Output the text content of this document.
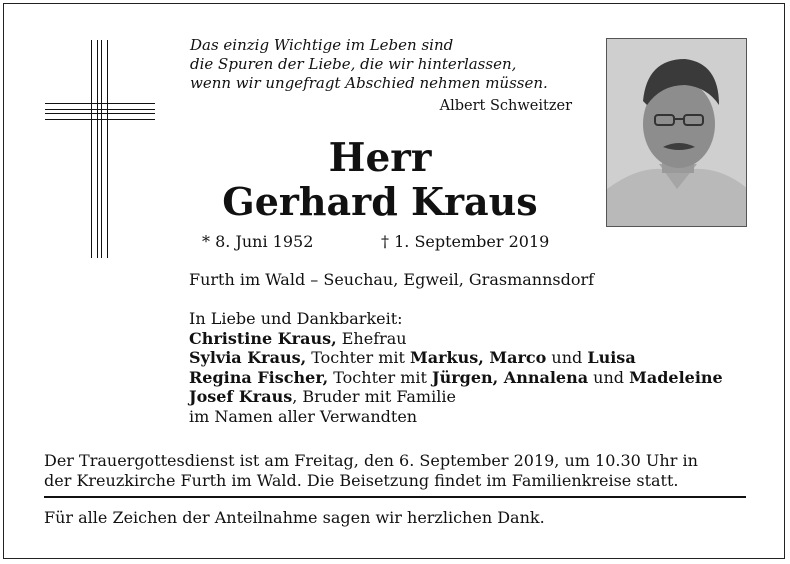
Das einzig Wichtige im Leben sind
die Spuren der Liebe, die wir hinterlassen,
wenn wir ungefragt Abschied nehmen müssen.
Albert Schweitzer
Herr
Gerhard Kraus
* 8. Juni 1952	† 1. September 2019
Furth im Wald – Seuchau, Egweil, Grasmannsdorf
In Liebe und Dankbarkeit:
Christine Kraus, Ehefrau
Sylvia Kraus, Tochter mit Markus, Marco und Luisa
Regina Fischer, Tochter mit Jürgen, Annalena und Madeleine
Josef Kraus, Bruder mit Familie
im Namen aller Verwandten
Der Trauergottesdienst ist am Freitag, den 6. September 2019, um 10.30 Uhr in
der Kreuzkirche Furth im Wald. Die Beisetzung findet im Familienkreise statt.
Für alle Zeichen der Anteilnahme sagen wir herzlichen Dank.
